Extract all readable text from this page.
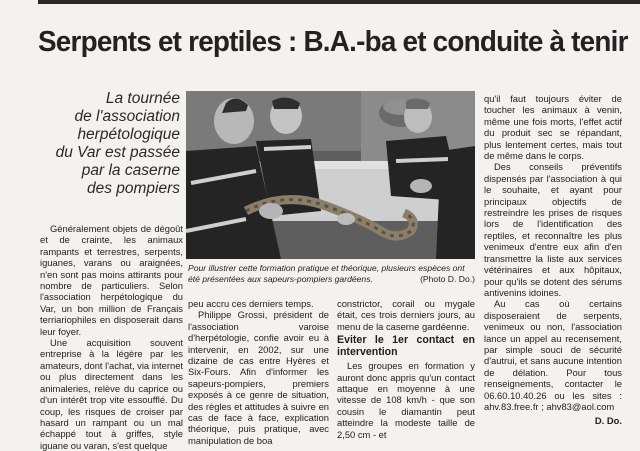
Serpents et reptiles : B.A.-ba et conduite à tenir
La tournée
de l'association
herpétologique
du Var est passée
par la caserne
des pompiers
Pour illustrer cette formation pratique et théorique, plusieurs espèces ont été présentées aux sapeurs-pompiers gardéens.	(Photo D. Do.)

Généralement objets de dégoût et de crainte, les animaux rampants et terrestres, serpents, iguanes, varans ou araignées, n'en sont pas moins attirants pour nombre de particuliers. Selon l'association herpétologique du Var, un bon million de Français terriariophiles en disposerait dans leur foyer.

Une acquisition souvent entreprise à la légère par les amateurs, dont l'achat, via internet ou plus directement dans les animaleries, relève du caprice ou d'un intérêt trop vite essoufflé. Du coup, les risques de croiser par hasard un rampant ou un mal échappé tout à griffes, style iguane ou varan, s'est quelque

peu accru ces derniers temps.

Philippe Grossi, président de l'association varoise d'herpétologie, confie avoir eu à intervenir, en 2002, sur une dizaine de cas entre Hyères et Six-Fours. Afin d'informer les sapeurs-pompiers, premiers exposés à ce genre de situation, des règles et attitudes à suivre en cas de face à face, explication théorique, puis pratique, avec manipulation de boa

constrictor, corail ou mygale était, ces trois derniers jours, au menu de la caserne gardéenne.

Eviter le 1er contact en intervention

Les groupes en formation y auront donc appris qu'un contact attaque en moyenne à une vitesse de 108 km/h - que son cousin le diamantin peut atteindre la modeste taille de 2,50 cm - et

qu'il faut toujours éviter de toucher les animaux à venin, même une fois morts, l'effet actif du produit sec se répandant, plus lentement certes, mais tout de même dans le corps.

Des conseils préventifs dispensés par l'association à qui le souhaite, et ayant pour principaux objectifs de restreindre les prises de risques lors de l'identification des reptiles, et reconnaître les plus venimeux d'entre eux afin d'en transmettre la liste aux services vétérinaires et aux hôpitaux, pour qu'ils se dotent des sérums antivenins idoines.

Au cas où certains disposeraient de serpents, venimeux ou non, l'association lance un appel au recensement, par simple souci de sécurité d'autrui, et sans aucune intention de délation. Pour tous renseignements, contacter le 06.60.10.40.26 ou les sites : ahv.83.free.fr ; ahv83@aol.com

D. Do.
